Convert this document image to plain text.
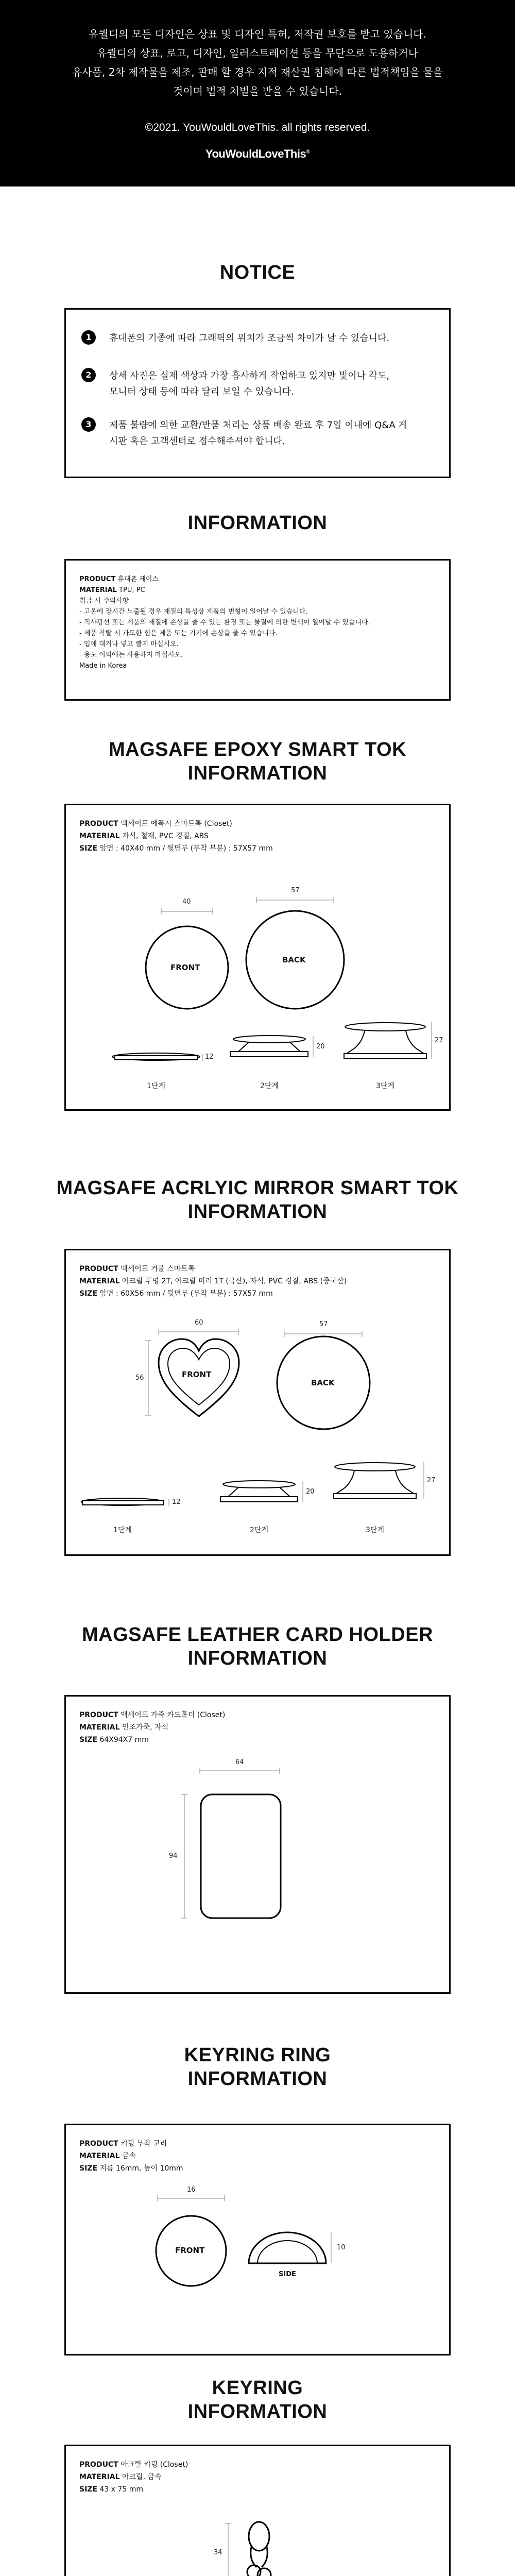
유퀄디의 모든 디자인은 상표 및 디자인 특허, 저작권 보호를 받고 있습니다.
유퀄디의 상표, 로고, 디자인, 일러스트레이션 등을 무단으로 도용하거나
유사품, 2차 제작물을 제조, 판매 할 경우 지적 재산권 침해에 따른 법적책임을 물을
것이며 법적 처벌을 받을 수 있습니다.
©2021. YouWouldLoveThis. all rights reserved.
YouWouldLoveThis®
NOTICE
1	휴대폰의 기종에 따라 그래픽의 위치가 조금씩 차이가 날 수 있습니다.
2	상세 사진은 실제 색상과 가장 흡사하게 작업하고 있지만 빛이나 각도, 모니터 상태 등에 따라 달리 보일 수 있습니다.
3	제품 불량에 의한 교환/반품 처리는 상품 배송 완료 후 7일 이내에 Q&A 게시판 혹은 고객센터로 접수해주셔야 합니다.
INFORMATION
PRODUCT 휴대폰 케이스
MATERIAL TPU, PC
취급 시 주의사항
- 고온에 장시간 노출될 경우 재질의 특성상 제품의 변형이 일어날 수 있습니다.
- 직사광선 또는 제품의 재질에 손상을 줄 수 있는 환경 또는 물질에 의한 변색이 일어날 수 있습니다.
- 제품 착탈 시 과도한 힘은 제품 또는 기기에 손상을 줄 수 있습니다.
- 입에 대거나 넣고 빨지 마십시오.
- 용도 이외에는 사용하지 마십시오.
Made in Korea
MAGSAFE EPOXY SMART TOK
INFORMATION
PRODUCT 맥세이프 에폭시 스마트톡 (Closet)
MATERIAL 자석, 철재, PVC 경질, ABS
SIZE 앞면 : 40X40 mm / 뒷면부 (부착 부분) : 57X57 mm
40
57
FRONT
BACK
12
20
27
1단계	2단계	3단계
MAGSAFE ACRLYIC MIRROR SMART TOK
INFORMATION
PRODUCT 맥세이프 거울 스마트톡
MATERIAL 아크릴 투명 2T, 아크릴 미러 1T (국산), 자석, PVC 경질, ABS (중국산)
SIZE 앞면 : 60X56 mm / 뒷면부 (부착 부분) : 57X57 mm
60
56
57
FRONT
BACK
12
20
27
1단계	2단계	3단계
MAGSAFE LEATHER CARD HOLDER
INFORMATION
PRODUCT 맥세이프 가죽 카드홀더 (Closet)
MATERIAL 인조가죽, 자석
SIZE 64X94X7 mm
64
94
KEYRING RING
INFORMATION
PRODUCT 키링 부착 고리
MATERIAL 금속
SIZE 지름 16mm, 높이 10mm
16
FRONT	10
SIDE
KEYRING
INFORMATION
PRODUCT 아크릴 키링 (Closet)
MATERIAL 아크릴, 금속
SIZE 43 x 75 mm
34
